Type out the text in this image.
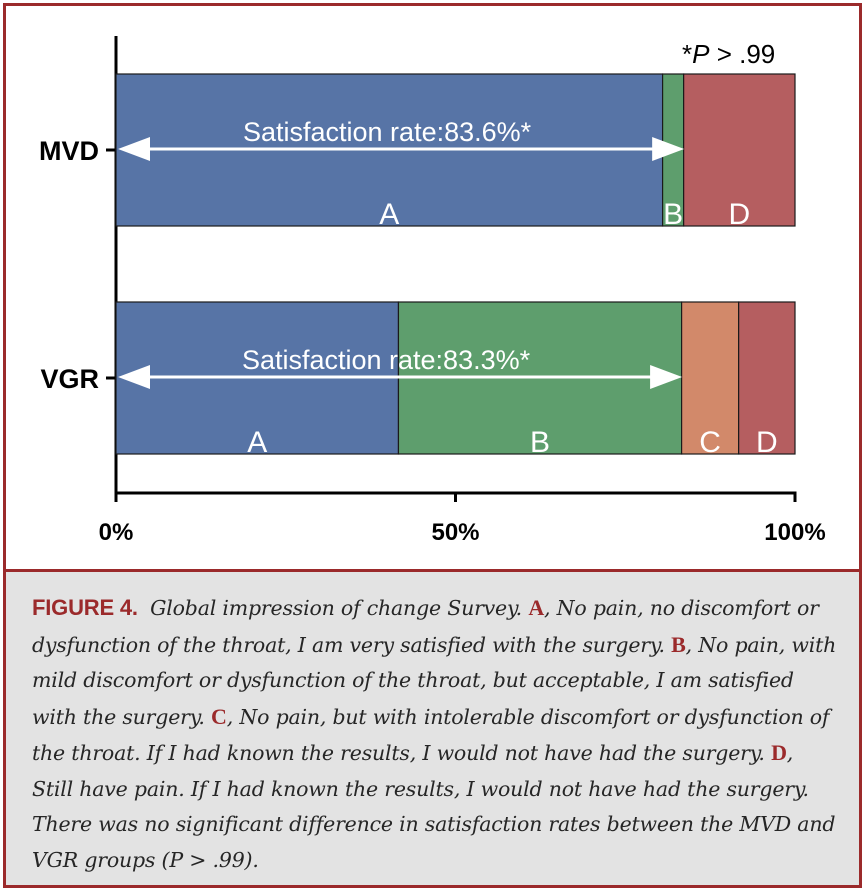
0%	50%	100%
MVD
A	B D
Satisfaction rate:83.6%*
VGR
A	B	C D
Satisfaction rate:83.3%*
*P > .99

FIGURE 4. Global impression of change Survey. A, No pain, no discomfort or dysfunction of the throat, I am very satisfied with the surgery. B, No pain, with mild discomfort or dysfunction of the throat, but acceptable, I am satisfied with the surgery. C, No pain, but with intolerable discomfort or dysfunction of the throat. If I had known the results, I would not have had the surgery. D, Still have pain. If I had known the results, I would not have had the surgery. There was no significant difference in satisfaction rates between the MVD and VGR groups (P > .99).
